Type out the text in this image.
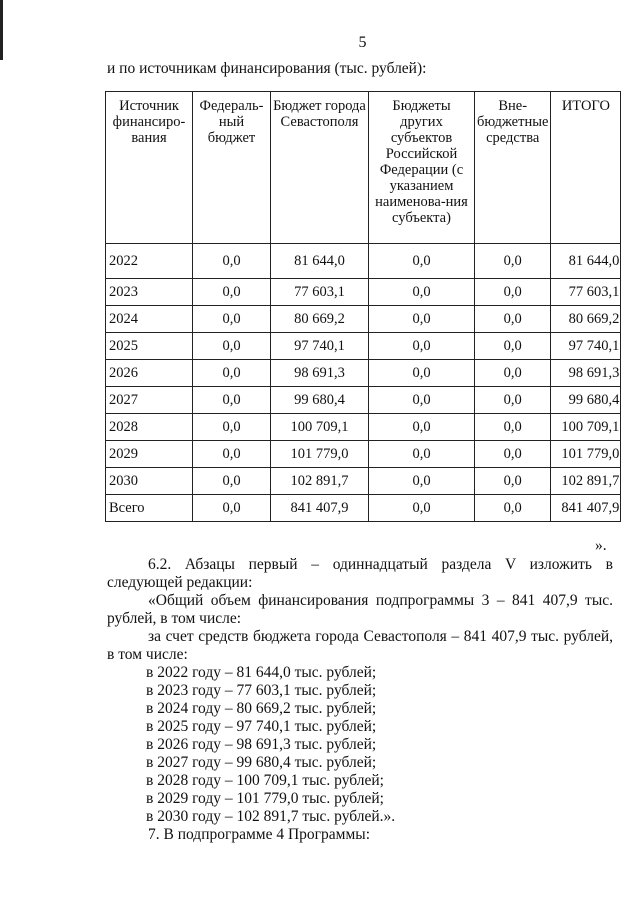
5
и по источникам финансирования (тыс. рублей):
Источник финансиро-вания	Федераль-ный бюджет	Бюджет города Севастополя	Бюджеты других субъектов Российской Федерации (с указанием наименова-ния субъекта)	Вне-бюджетные средства	ИТОГО
2022	0,0	81 644,0	0,0	0,0	81 644,0
2023	0,0	77 603,1	0,0	0,0	77 603,1
2024	0,0	80 669,2	0,0	0,0	80 669,2
2025	0,0	97 740,1	0,0	0,0	97 740,1
2026	0,0	98 691,3	0,0	0,0	98 691,3
2027	0,0	99 680,4	0,0	0,0	99 680,4
2028	0,0	100 709,1	0,0	0,0	100 709,1
2029	0,0	101 779,0	0,0	0,0	101 779,0
2030	0,0	102 891,7	0,0	0,0	102 891,7
Всего	0,0	841 407,9	0,0	0,0	841 407,9
».

6.2. Абзацы первый – одиннадцатый раздела V изложить в следующей редакции:

«Общий объем финансирования подпрограммы 3 – 841 407,9 тыс. рублей, в том числе:

за счет средств бюджета города Севастополя – 841 407,9 тыс. рублей, в том числе:

в 2022 году – 81 644,0 тыс. рублей;

в 2023 году – 77 603,1 тыс. рублей;

в 2024 году – 80 669,2 тыс. рублей;

в 2025 году – 97 740,1 тыс. рублей;

в 2026 году – 98 691,3 тыс. рублей;

в 2027 году – 99 680,4 тыс. рублей;

в 2028 году – 100 709,1 тыс. рублей;

в 2029 году – 101 779,0 тыс. рублей;

в 2030 году – 102 891,7 тыс. рублей.».

7. В подпрограмме 4 Программы:
